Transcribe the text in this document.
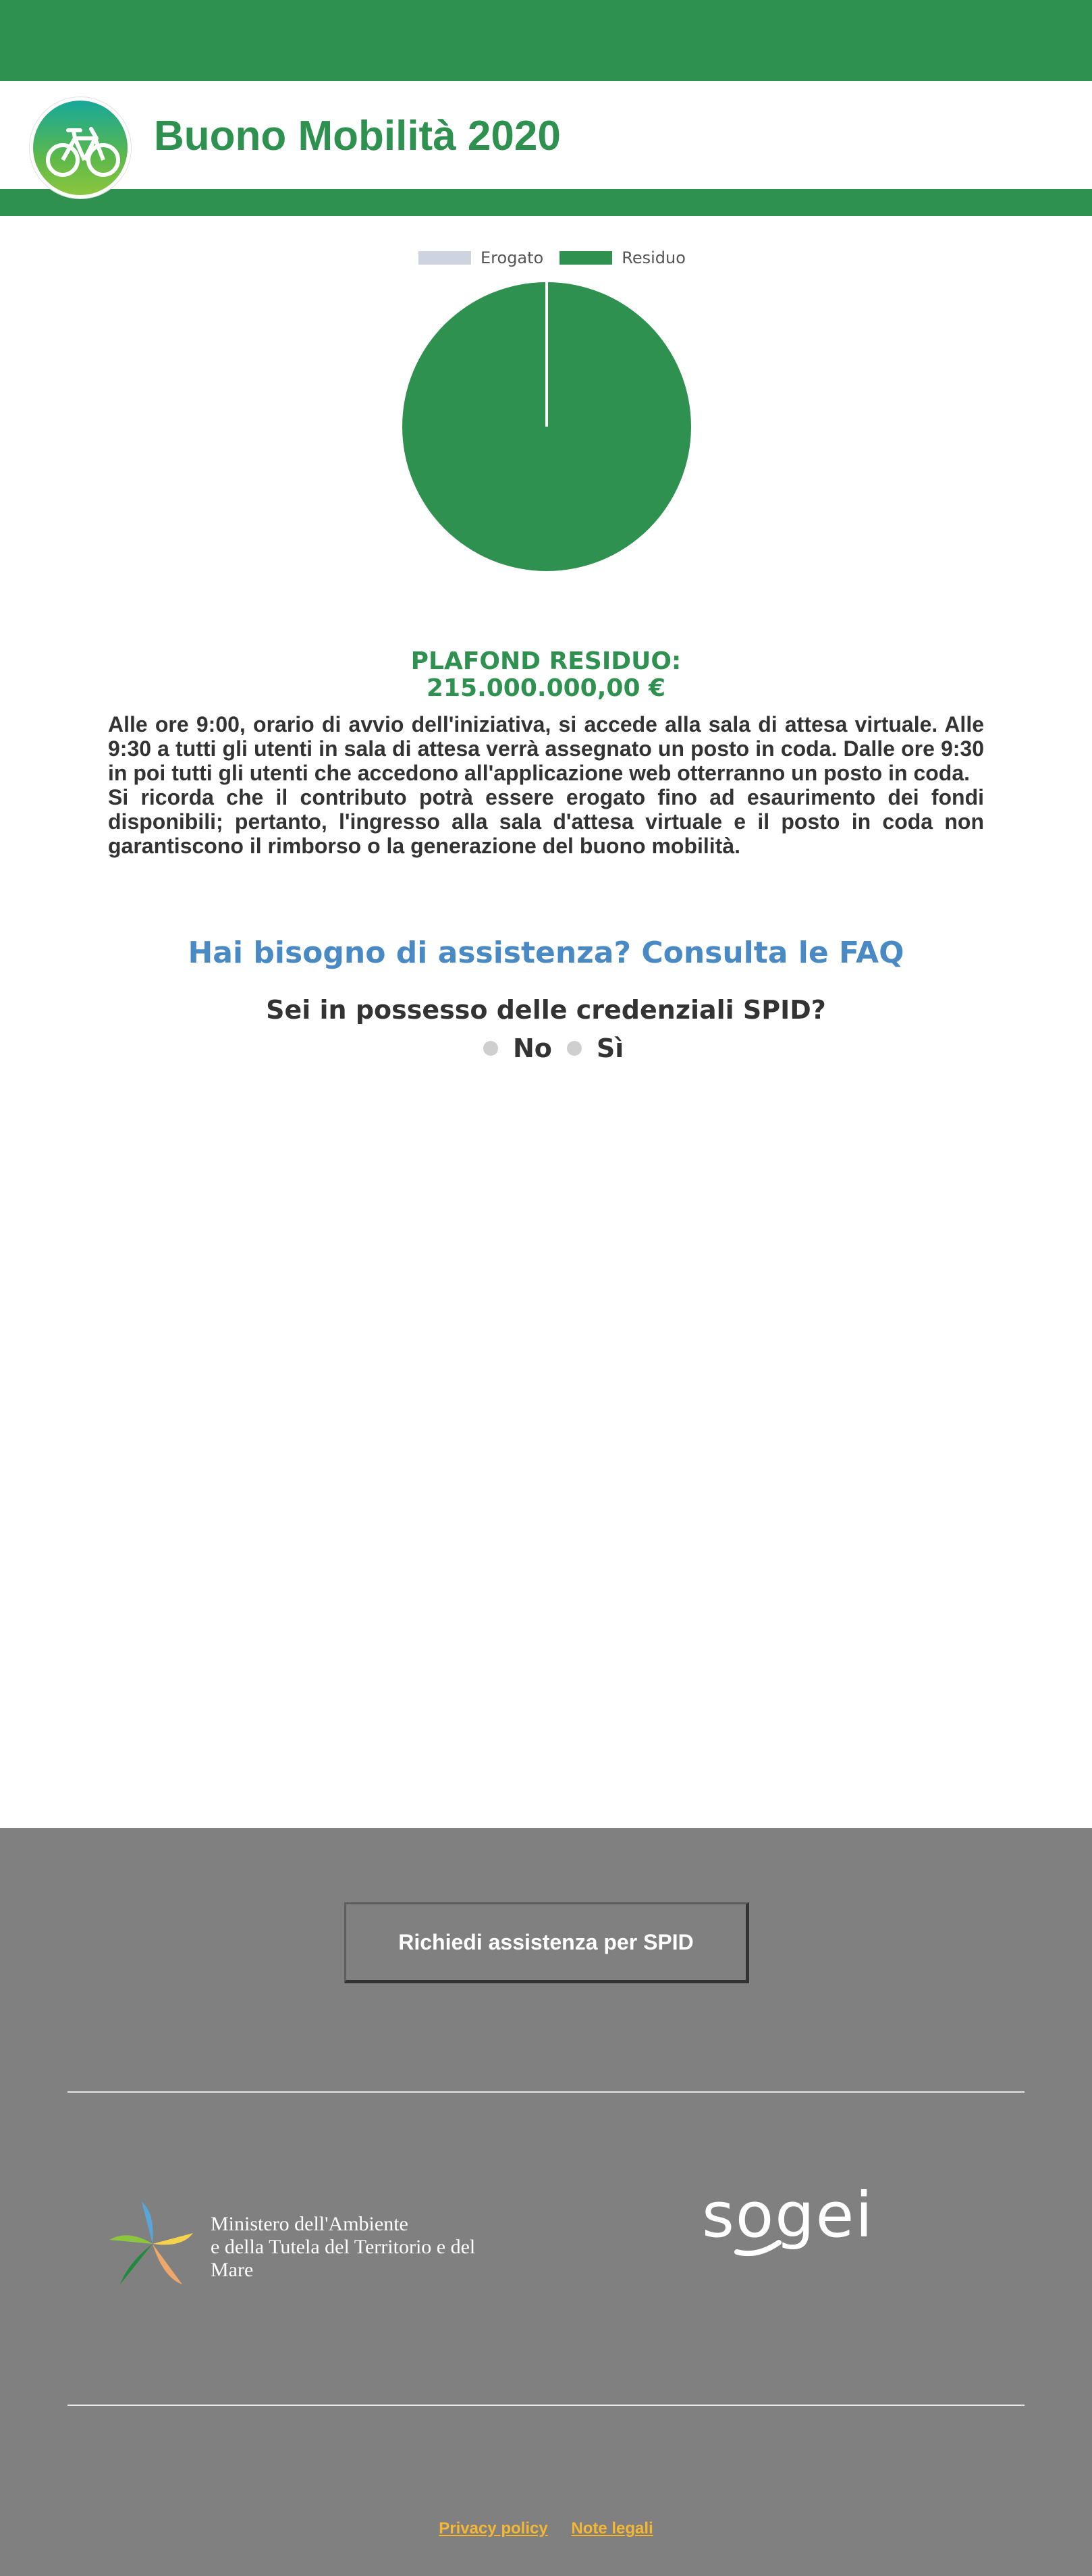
Buono Mobilità 2020
Erogato	Residuo
PLAFOND RESIDUO:
215.000.000,00 €

Alle ore 9:00, orario di avvio dell'iniziativa, si accede alla sala di attesa virtuale. Alle 9:30 a tutti gli utenti in sala di attesa verrà assegnato un posto in coda. Dalle ore 9:30 in poi tutti gli utenti che accedono all'applicazione web otterranno un posto in coda.

Si ricorda che il contributo potrà essere erogato fino ad esaurimento dei fondi disponibili; pertanto, l'ingresso alla sala d'attesa virtuale e il posto in coda non garantiscono il rimborso o la generazione del buono mobilità.

Hai bisogno di assistenza? Consulta le FAQ
Sei in possesso delle credenziali SPID?
No Sì
Richiedi assistenza per SPID
Ministero dell'Ambiente
e della Tutela del Territorio e del
Mare
sogei
Privacy policy Note legali
